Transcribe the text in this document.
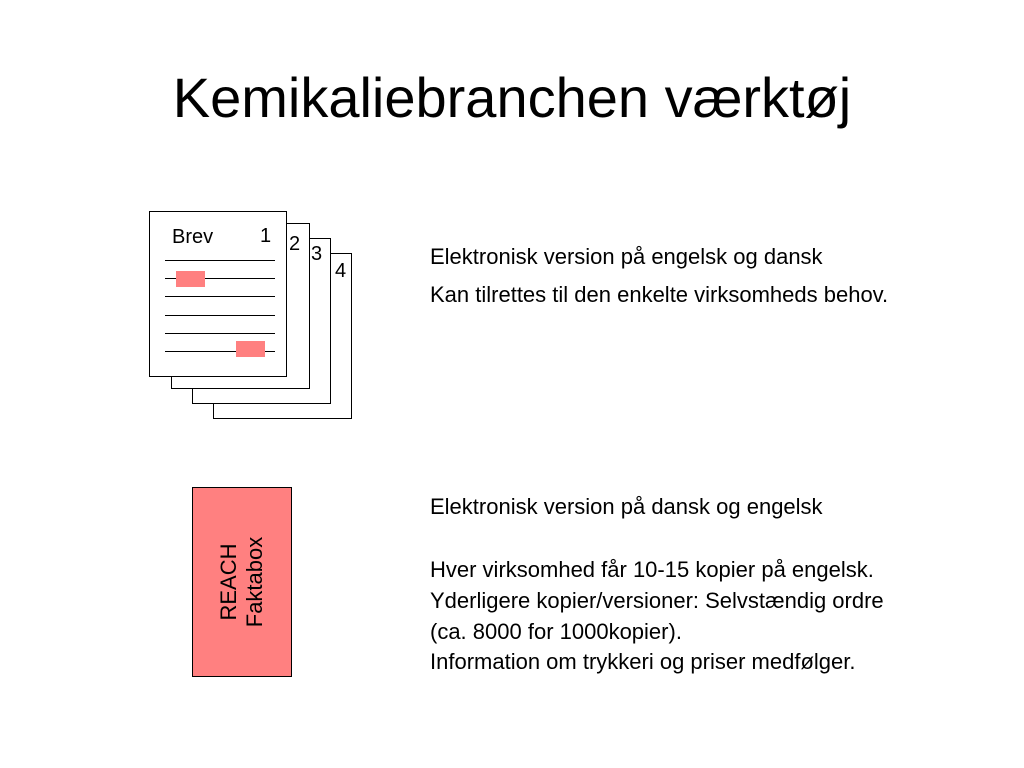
Kemikaliebranchen værktøj
4
3
2
1
Brev
REACH Faktabox

Elektronisk version på engelsk og dansk

Kan tilrettes til den enkelte virksomheds behov.

Elektronisk version på dansk og engelsk

Hver virksomhed får 10-15 kopier på engelsk.

Yderligere kopier/versioner: Selvstændig ordre

(ca. 8000 for 1000kopier).

Information om trykkeri og priser medfølger.
